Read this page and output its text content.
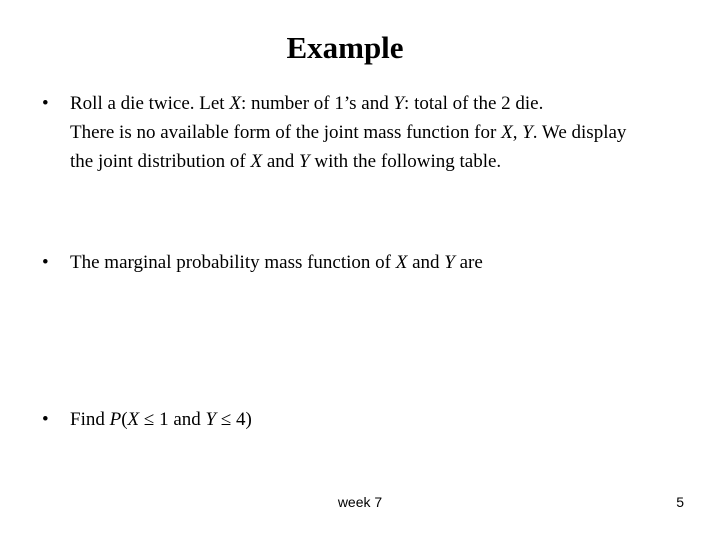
Example
• Roll a die twice. Let X: number of 1’s and Y: total of the 2 die.
There is no available form of the joint mass function for X, Y. We display
the joint distribution of X and Y with the following table.
• The marginal probability mass function of X and Y are
• Find P(X ≤ 1 and Y ≤ 4)
week 7	5
